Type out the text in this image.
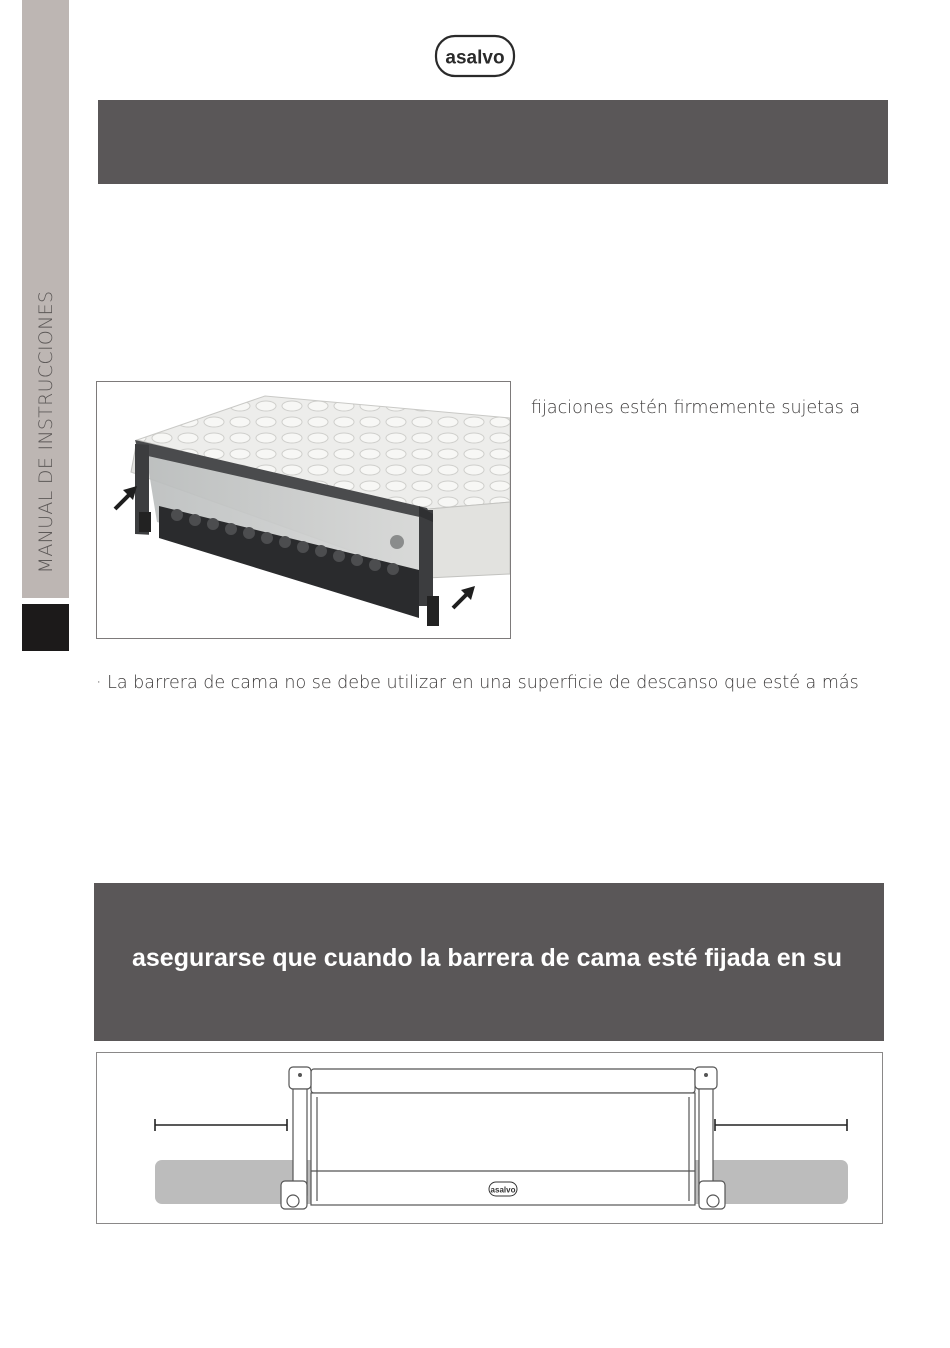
MANUAL DE INSTRUCCIONES
asalvo
fijaciones estén firmemente sujetas a
· La barrera de cama no se debe utilizar en una superficie de descanso que esté a más
asegurarse que cuando la barrera de cama esté fijada en su
asalvo
